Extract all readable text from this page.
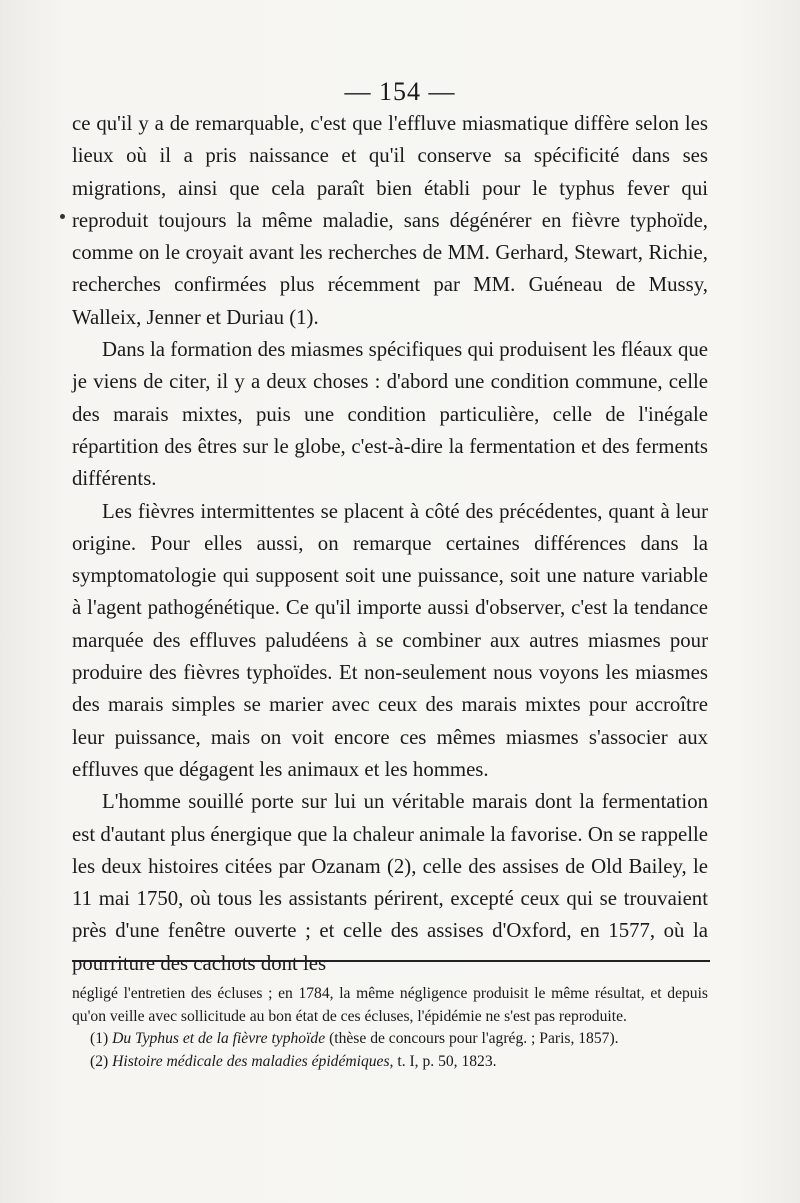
— 154 —

ce qu'il y a de remarquable, c'est que l'effluve miasmatique diffère selon les lieux où il a pris naissance et qu'il conserve sa spécificité dans ses migrations, ainsi que cela paraît bien établi pour le typhus fever qui reproduit toujours la même maladie, sans dégénérer en fièvre typhoïde, comme on le croyait avant les recherches de MM. Gerhard, Stewart, Richie, recherches confirmées plus récemment par MM. Guéneau de Mussy, Walleix, Jenner et Duriau (1).

Dans la formation des miasmes spécifiques qui produisent les fléaux que je viens de citer, il y a deux choses : d'abord une condition commune, celle des marais mixtes, puis une condition particulière, celle de l'inégale répartition des êtres sur le globe, c'est-à-dire la fermentation et des ferments différents.

Les fièvres intermittentes se placent à côté des précédentes, quant à leur origine. Pour elles aussi, on remarque certaines différences dans la symptomatologie qui supposent soit une puissance, soit une nature variable à l'agent pathogénétique. Ce qu'il importe aussi d'observer, c'est la tendance marquée des effluves paludéens à se combiner aux autres miasmes pour produire des fièvres typhoïdes. Et non-seulement nous voyons les miasmes des marais simples se marier avec ceux des marais mixtes pour accroître leur puissance, mais on voit encore ces mêmes miasmes s'associer aux effluves que dégagent les animaux et les hommes.

L'homme souillé porte sur lui un véritable marais dont la fermentation est d'autant plus énergique que la chaleur animale la favorise. On se rappelle les deux histoires citées par Ozanam (2), celle des assises de Old Bailey, le 11 mai 1750, où tous les assistants périrent, excepté ceux qui se trouvaient près d'une fenêtre ouverte ; et celle des assises d'Oxford, en 1577, où la pourriture des cachots dont les

négligé l'entretien des écluses ; en 1784, la même négligence produisit le même résultat, et depuis qu'on veille avec sollicitude au bon état de ces écluses, l'épidémie ne s'est pas reproduite.

(1) Du Typhus et de la fièvre typhoïde (thèse de concours pour l'agrég. ; Paris, 1857).

(2) Histoire médicale des maladies épidémiques, t. I, p. 50, 1823.
